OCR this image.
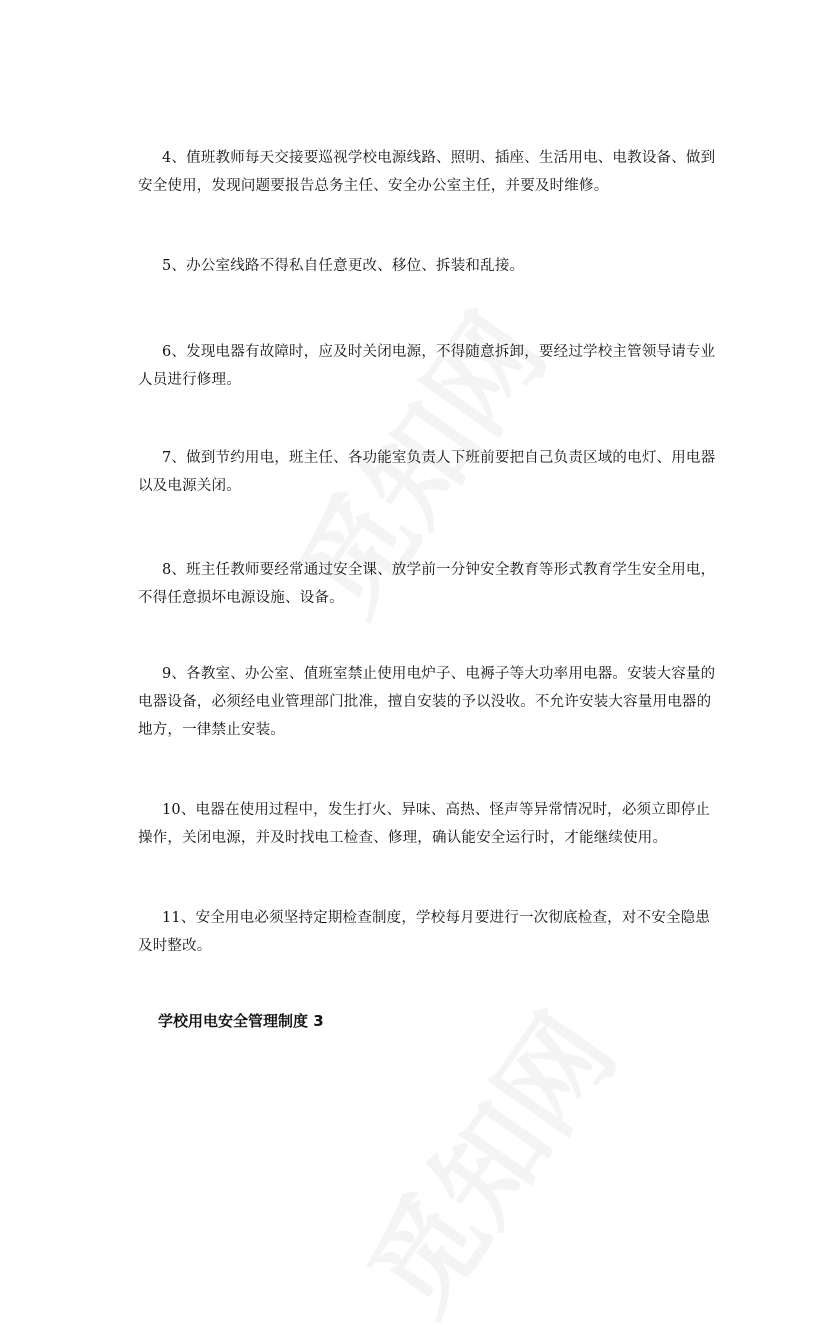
4、值班教师每天交接要巡视学校电源线路、照明、插座、生活用电、电教设备、做到安全使用，发现问题要报告总务主任、安全办公室主任，并要及时维修。

5、办公室线路不得私自任意更改、移位、拆装和乱接。

6、发现电器有故障时，应及时关闭电源，不得随意拆卸，要经过学校主管领导请专业人员进行修理。

7、做到节约用电，班主任、各功能室负责人下班前要把自己负责区域的电灯、用电器以及电源关闭。

8、班主任教师要经常通过安全课、放学前一分钟安全教育等形式教育学生安全用电，不得任意损坏电源设施、设备。

9、各教室、办公室、值班室禁止使用电炉子、电褥子等大功率用电器。安装大容量的电器设备，必须经电业管理部门批准，擅自安装的予以没收。不允许安装大容量用电器的地方，一律禁止安装。

10、电器在使用过程中，发生打火、异味、高热、怪声等异常情况时，必须立即停止操作，关闭电源，并及时找电工检查、修理，确认能安全运行时，才能继续使用。

11、安全用电必须坚持定期检查制度，学校每月要进行一次彻底检查，对不安全隐患及时整改。

学校用电安全管理制度 3
